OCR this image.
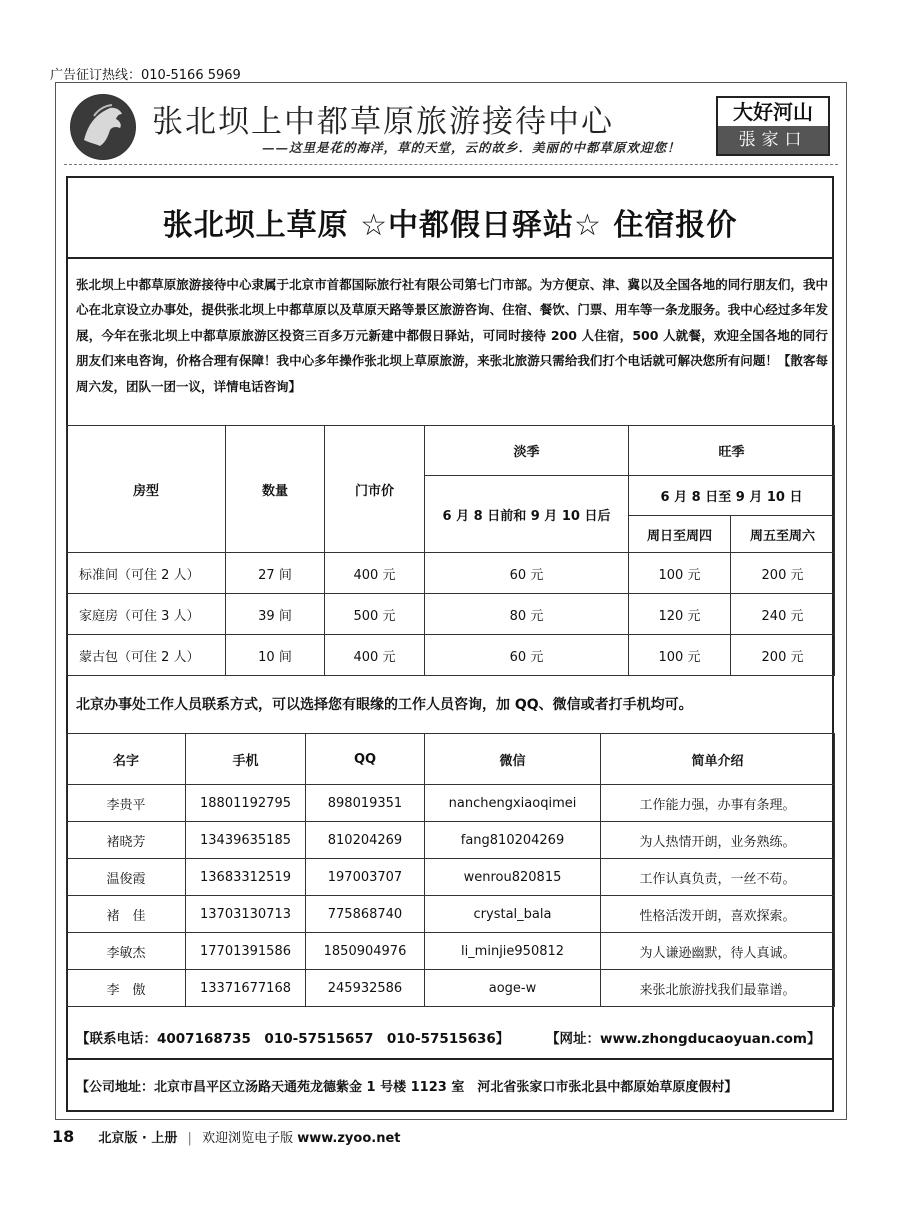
广告征订热线：010-5166 5969
张北坝上中都草原旅游接待中心
——这里是花的海洋，草的天堂，云的故乡．美丽的中都草原欢迎您！
大好河山
張家口
张北坝上草原 ☆中都假日驿站☆ 住宿报价
张北坝上中都草原旅游接待中心隶属于北京市首都国际旅行社有限公司第七门市部。为方便京、津、冀以及全国各地的同行朋友们，我中心在北京设立办事处，提供张北坝上中都草原以及草原天路等景区旅游咨询、住宿、餐饮、门票、用车等一条龙服务。我中心经过多年发展，今年在张北坝上中都草原旅游区投资三百多万元新建中都假日驿站，可同时接待 200 人住宿，500 人就餐，欢迎全国各地的同行朋友们来电咨询，价格合理有保障！我中心多年操作张北坝上草原旅游，来张北旅游只需给我们打个电话就可解决您所有问题！【散客每周六发，团队一团一议，详情电话咨询】
房型	数量	门市价	淡季	旺季	
			6 月 8 日前和 9 月 10 日后	6 月 8 日至 9 月 10 日	
				周日至周四	周五至周六
标准间（可住 2 人）	27 间	400 元	60 元	100 元	200 元
家庭房（可住 3 人）	39 间	500 元	80 元	120 元	240 元
蒙古包（可住 2 人）	10 间	400 元	60 元	100 元	200 元
北京办事处工作人员联系方式，可以选择您有眼缘的工作人员咨询，加 QQ、微信或者打手机均可。
名字	手机	QQ	微信	简单介绍
李贵平	18801192795	898019351	nanchengxiaoqimei	工作能力强，办事有条理。
褚晓芳	13439635185	810204269	fang810204269	为人热情开朗，业务熟练。
温俊霞	13683312519	197003707	wenrou820815	工作认真负责，一丝不苟。
褚　佳	13703130713	775868740	crystal_bala	性格活泼开朗，喜欢探索。
李敏杰	17701391586	1850904976	li_minjie950812	为人谦逊幽默，待人真诚。
李　傲	13371677168	245932586	aoge-w	来张北旅游找我们最靠谱。
【联系电话：4007168735　010-57515657　010-57515636】	【网址：www.zhongducaoyuan.com】
【公司地址：北京市昌平区立汤路天通苑龙德紫金 1 号楼 1123 室　河北省张家口市张北县中都原始草原度假村】
18 北京版 · 上册 | 欢迎浏览电子版 www.zyoo.net
